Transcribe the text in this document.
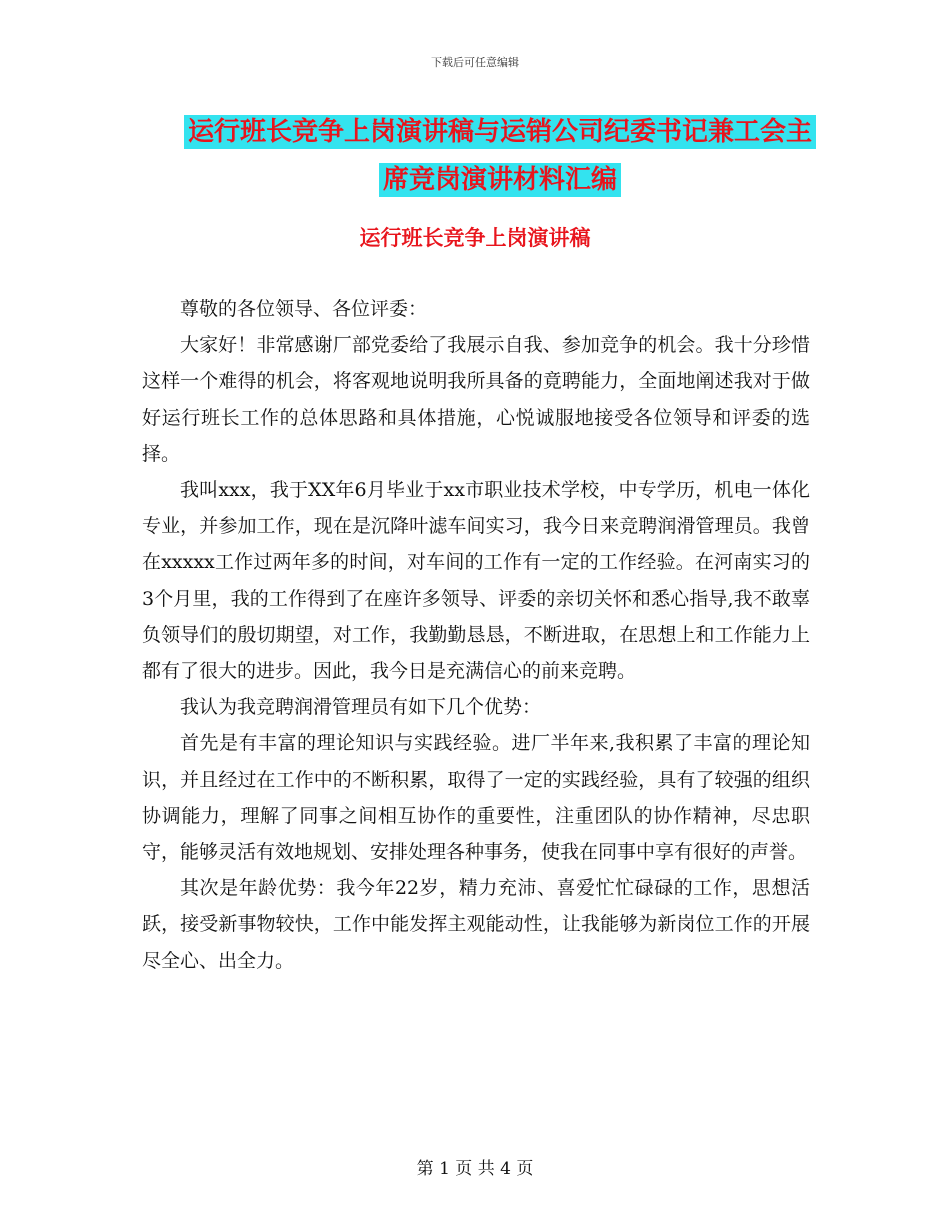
下载后可任意编辑
运行班长竞争上岗演讲稿与运销公司纪委书记兼工会主席竞岗演讲材料汇编
运行班长竞争上岗演讲稿

尊敬的各位领导、各位评委：

大家好！非常感谢厂部党委给了我展示自我、参加竞争的机会。我十分珍惜这样一个难得的机会，将客观地说明我所具备的竟聘能力，全面地阐述我对于做好运行班长工作的总体思路和具体措施，心悦诚服地接受各位领导和评委的选择。

我叫xxx，我于XX年6月毕业于xx市职业技术学校，中专学历，机电一体化专业，并参加工作，现在是沉降叶滤车间实习，我今日来竞聘润滑管理员。我曾在xxxxx工作过两年多的时间，对车间的工作有一定的工作经验。在河南实习的3个月里，我的工作得到了在座许多领导、评委的亲切关怀和悉心指导,我不敢辜负领导们的殷切期望，对工作，我勤勤恳恳，不断进取，在思想上和工作能力上都有了很大的进步。因此，我今日是充满信心的前来竞聘。

我认为我竞聘润滑管理员有如下几个优势：

首先是有丰富的理论知识与实践经验。进厂半年来,我积累了丰富的理论知识，并且经过在工作中的不断积累，取得了一定的实践经验，具有了较强的组织协调能力，理解了同事之间相互协作的重要性，注重团队的协作精神，尽忠职守，能够灵活有效地规划、安排处理各种事务，使我在同事中享有很好的声誉。

其次是年龄优势：我今年22岁，精力充沛、喜爱忙忙碌碌的工作，思想活跃，接受新事物较快，工作中能发挥主观能动性，让我能够为新岗位工作的开展尽全心、出全力。

第 1 页 共 4 页
